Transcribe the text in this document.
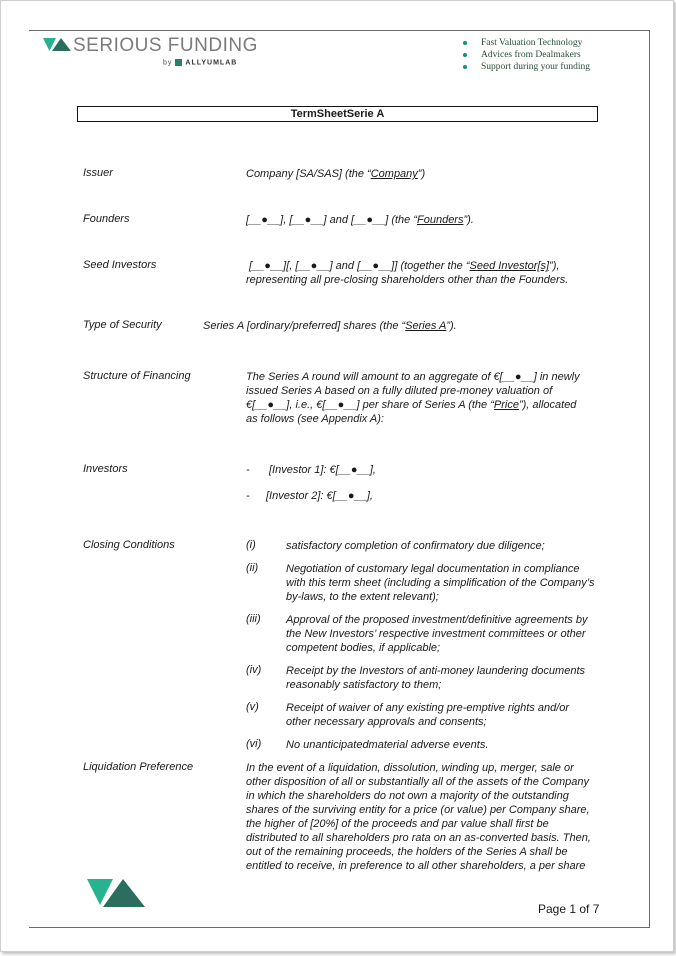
SERIOUS FUNDING
by ALLYUMLAB
Fast Valuation Technology
Advices from Dealmakers
Support during your funding
TermSheetSerie A
Issuer	Company [SA/SAS] (the “Company”)
Founders	[__●__], [__●__] and [__●__] (the “Founders”).
Seed Investors	[__●__][, [__●__] and [__●__]] (together the “Seed Investor[s]”),
representing all pre-closing shareholders other than the Founders.
Type of Security	Series A [ordinary/preferred] shares (the “Series A”).
Structure of Financing	The Series A round will amount to an aggregate of €[__●__] in newly
issued Series A based on a fully diluted pre-money valuation of
€[__●__], i.e., €[__●__] per share of Series A (the “Price”), allocated
as follows (see Appendix A):
Investors	- [Investor 1]: €[__●__],
- [Investor 2]: €[__●__],
Closing Conditions	(i)	satisfactory completion of confirmatory due diligence;
(ii)	Negotiation of customary legal documentation in compliance with this term sheet (including a simplification of the Company’s by-laws, to the extent relevant);
(iii) Approval of the proposed investment/definitive agreements by the New Investors’ respective investment committees or other competent bodies, if applicable;
(iv) Receipt by the Investors of anti-money laundering documents reasonably satisfactory to them;
(v) Receipt of waiver of any existing pre-emptive rights and/or other necessary approvals and consents;
(vi) No unanticipatedmaterial adverse events.
Liquidation Preference	In the event of a liquidation, dissolution, winding up, merger, sale or
other disposition of all or substantially all of the assets of the Company
in which the shareholders do not own a majority of the outstanding
shares of the surviving entity for a price (or value) per Company share,
the higher of [20%] of the proceeds and par value shall first be
distributed to all shareholders pro rata on an as-converted basis. Then,
out of the remaining proceeds, the holders of the Series A shall be
entitled to receive, in preference to all other shareholders, a per share
Page 1 of 7
